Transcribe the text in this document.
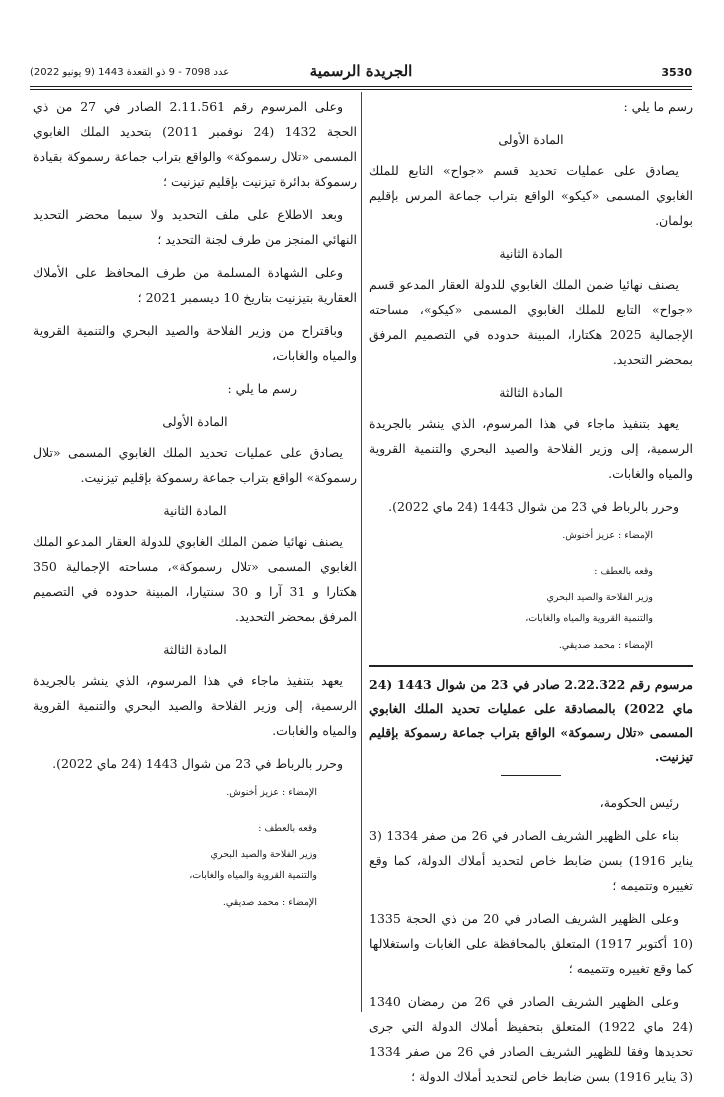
3530
الجريدة الرسمية
عدد 7098 - 9 ذو القعدة 1443 (9 يونيو 2022)

رسم ما يلي :

المادة الأولى

يصادق على عمليات تحديد قسم «جواح» التابع للملك الغابوي المسمى «كيكو» الواقع بتراب جماعة المرس بإقليم بولمان.

المادة الثانية

يصنف نهائيا ضمن الملك الغابوي للدولة العقار المدعو قسم «جواح» التابع للملك الغابوي المسمى «كيكو»، مساحته الإجمالية 2025 هكتارا، المبينة حدوده في التصميم المرفق بمحضر التحديد.

المادة الثالثة

يعهد بتنفيذ ماجاء في هذا المرسوم، الذي ينشر بالجريدة الرسمية، إلى وزير الفلاحة والصيد البحري والتنمية القروية والمياه والغابات.

وحرر بالرباط في 23 من شوال 1443 (24 ماي 2022).

الإمضاء : عزيز أخنوش.

وقعه بالعطف :

وزير الفلاحة والصيد البحري

والتنمية القروية والمياه والغابات،

الإمضاء : محمد صديقي.

مرسوم رقم 2.22.322 صادر في 23 من شوال 1443 (24 ماي 2022) بالمصادقة على عمليات تحديد الملك الغابوي المسمى «تلال رسموكة» الواقع بتراب جماعة رسموكة بإقليم تيزنيت.

رئيس الحكومة،

بناء على الظهير الشريف الصادر في 26 من صفر 1334 (3 يناير 1916) بسن ضابط خاص لتحديد أملاك الدولة، كما وقع تغييره وتتميمه ؛

وعلى الظهير الشريف الصادر في 20 من ذي الحجة 1335 (10 أكتوبر 1917) المتعلق بالمحافظة على الغابات واستغلالها كما وقع تغييره وتتميمه ؛

وعلى الظهير الشريف الصادر في 26 من رمضان 1340 (24 ماي 1922) المتعلق بتحفيظ أملاك الدولة التي جرى تحديدها وفقا للظهير الشريف الصادر في 26 من صفر 1334 (3 يناير 1916) بسن ضابط خاص لتحديد أملاك الدولة ؛

وعلى المرسوم رقم 2.11.561 الصادر في 27 من ذي الحجة 1432 (24 نوفمبر 2011) بتحديد الملك الغابوي المسمى «تلال رسموكة» والواقع بتراب جماعة رسموكة بقيادة رسموكة بدائرة تيزنيت بإقليم تيزنيت ؛

وبعد الاطلاع على ملف التحديد ولا سيما محضر التحديد النهائي المنجز من طرف لجنة التحديد ؛

وعلى الشهادة المسلمة من طرف المحافظ على الأملاك العقارية بتيزنيت بتاريخ 10 ديسمبر 2021 ؛

وباقتراح من وزير الفلاحة والصيد البحري والتنمية القروية والمياه والغابات،

رسم ما يلي :

المادة الأولى

يصادق على عمليات تحديد الملك الغابوي المسمى «تلال رسموكة» الواقع بتراب جماعة رسموكة بإقليم تيزنيت.

المادة الثانية

يصنف نهائيا ضمن الملك الغابوي للدولة العقار المدعو الملك الغابوي المسمى «تلال رسموكة»، مساحته الإجمالية 350 هكتارا و 31 آرا و 30 سنتيارا، المبينة حدوده في التصميم المرفق بمحضر التحديد.

المادة الثالثة

يعهد بتنفيذ ماجاء في هذا المرسوم، الذي ينشر بالجريدة الرسمية، إلى وزير الفلاحة والصيد البحري والتنمية القروية والمياه والغابات.

وحرر بالرباط في 23 من شوال 1443 (24 ماي 2022).

الإمضاء : عزيز أخنوش.

وقعه بالعطف :

وزير الفلاحة والصيد البحري

والتنمية القروية والمياه والغابات،

الإمضاء : محمد صديقي.
